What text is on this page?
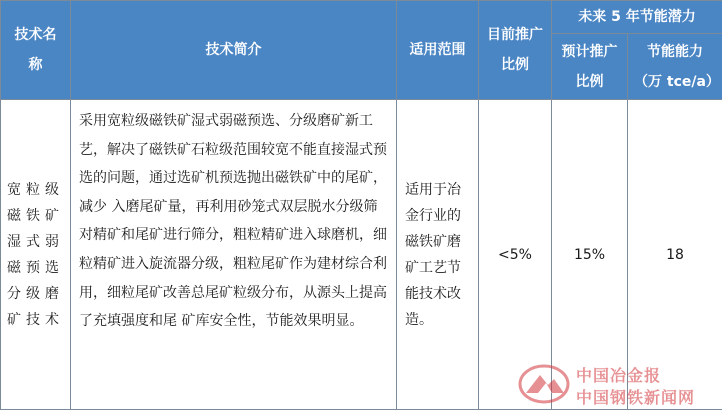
技术名称	技术简介	适用范围	目前推广比例	未来 5 年节能潜力	
				预计推广比例	节能能力（万 tce/a）
宽粒级磁铁矿湿式弱磁预选分级磨矿技术	采用宽粒级磁铁矿湿式弱磁预选、分级磨矿新工艺，解决了磁铁矿石粒级范围较宽不能直接湿式预选的问题，通过选矿机预选抛出磁铁矿中的尾矿，减少 入磨尾矿量，再利用砂笼式双层脱水分级筛对精矿和尾矿进行筛分，粗粒精矿进入球磨机，细粒精矿进入旋流器分级，粗粒尾矿作为建材综合利用，细粒尾矿改善总尾矿粒级分布，从源头上提高了充填强度和尾 矿库安全性，节能效果明显。	适用于冶金行业的磁铁矿磨矿工艺节能技术改造。	<5%	15%	18
中国冶金报
中国钢铁新闻网
